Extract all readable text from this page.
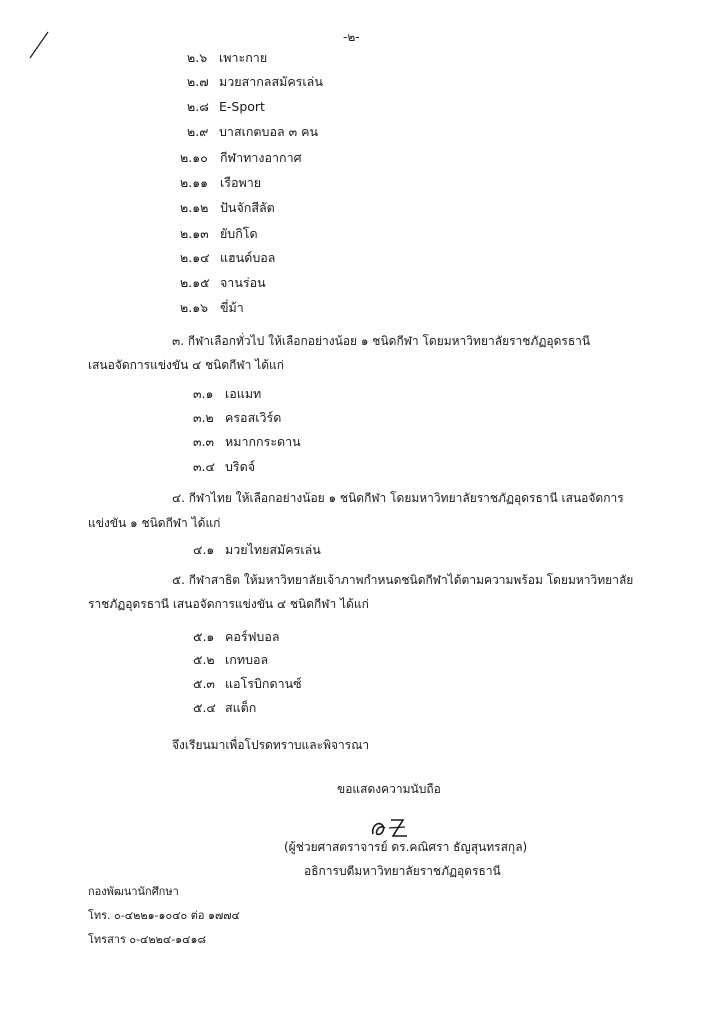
-๒-
๒.๖ เพาะกาย
๒.๗ มวยสากลสมัครเล่น
๒.๘ E-Sport
๒.๙ บาสเกตบอล ๓ คน
๒.๑๐ กีฬาทางอากาศ
๒.๑๑ เรือพาย
๒.๑๒ ปันจักสีลัต
๒.๑๓ ยับกิโด
๒.๑๔ แฮนด์บอล
๒.๑๕ จานร่อน
๒.๑๖ ขี่ม้า
๓. กีฬาเลือกทั่วไป ให้เลือกอย่างน้อย ๑ ชนิดกีฬา โดยมหาวิทยาลัยราชภัฏอุดรธานี
เสนอจัดการแข่งขัน ๔ ชนิดกีฬา ได้แก่
๓.๑ เอแมท
๓.๒ ครอสเวิร์ด
๓.๓ หมากกระดาน
๓.๔ บริดจ์
๔. กีฬาไทย ให้เลือกอย่างน้อย ๑ ชนิดกีฬา โดยมหาวิทยาลัยราชภัฏอุดรธานี เสนอจัดการ
แข่งขัน ๑ ชนิดกีฬา ได้แก่
๔.๑ มวยไทยสมัครเล่น
๕. กีฬาสาธิต ให้มหาวิทยาลัยเจ้าภาพกำหนดชนิดกีฬาได้ตามความพร้อม โดยมหาวิทยาลัย
ราชภัฏอุดรธานี เสนอจัดการแข่งขัน ๔ ชนิดกีฬา ได้แก่
๕.๑ คอร์ฟบอล
๕.๒ เกทบอล
๕.๓ แอโรบิกดานซ์
๕.๔ สแต็ก
จึงเรียนมาเพื่อโปรดทราบและพิจารณา
ขอแสดงความนับถือ
(ผู้ช่วยศาสตราจารย์ ดร.คณิศรา ธัญสุนทรสกุล)
อธิการบดีมหาวิทยาลัยราชภัฏอุดรธานี
กองพัฒนานักศึกษา
โทร. ๐-๔๒๒๑-๑๐๔๐ ต่อ ๑๗๗๔
โทรสาร ๐-๔๒๒๔-๑๔๑๘
